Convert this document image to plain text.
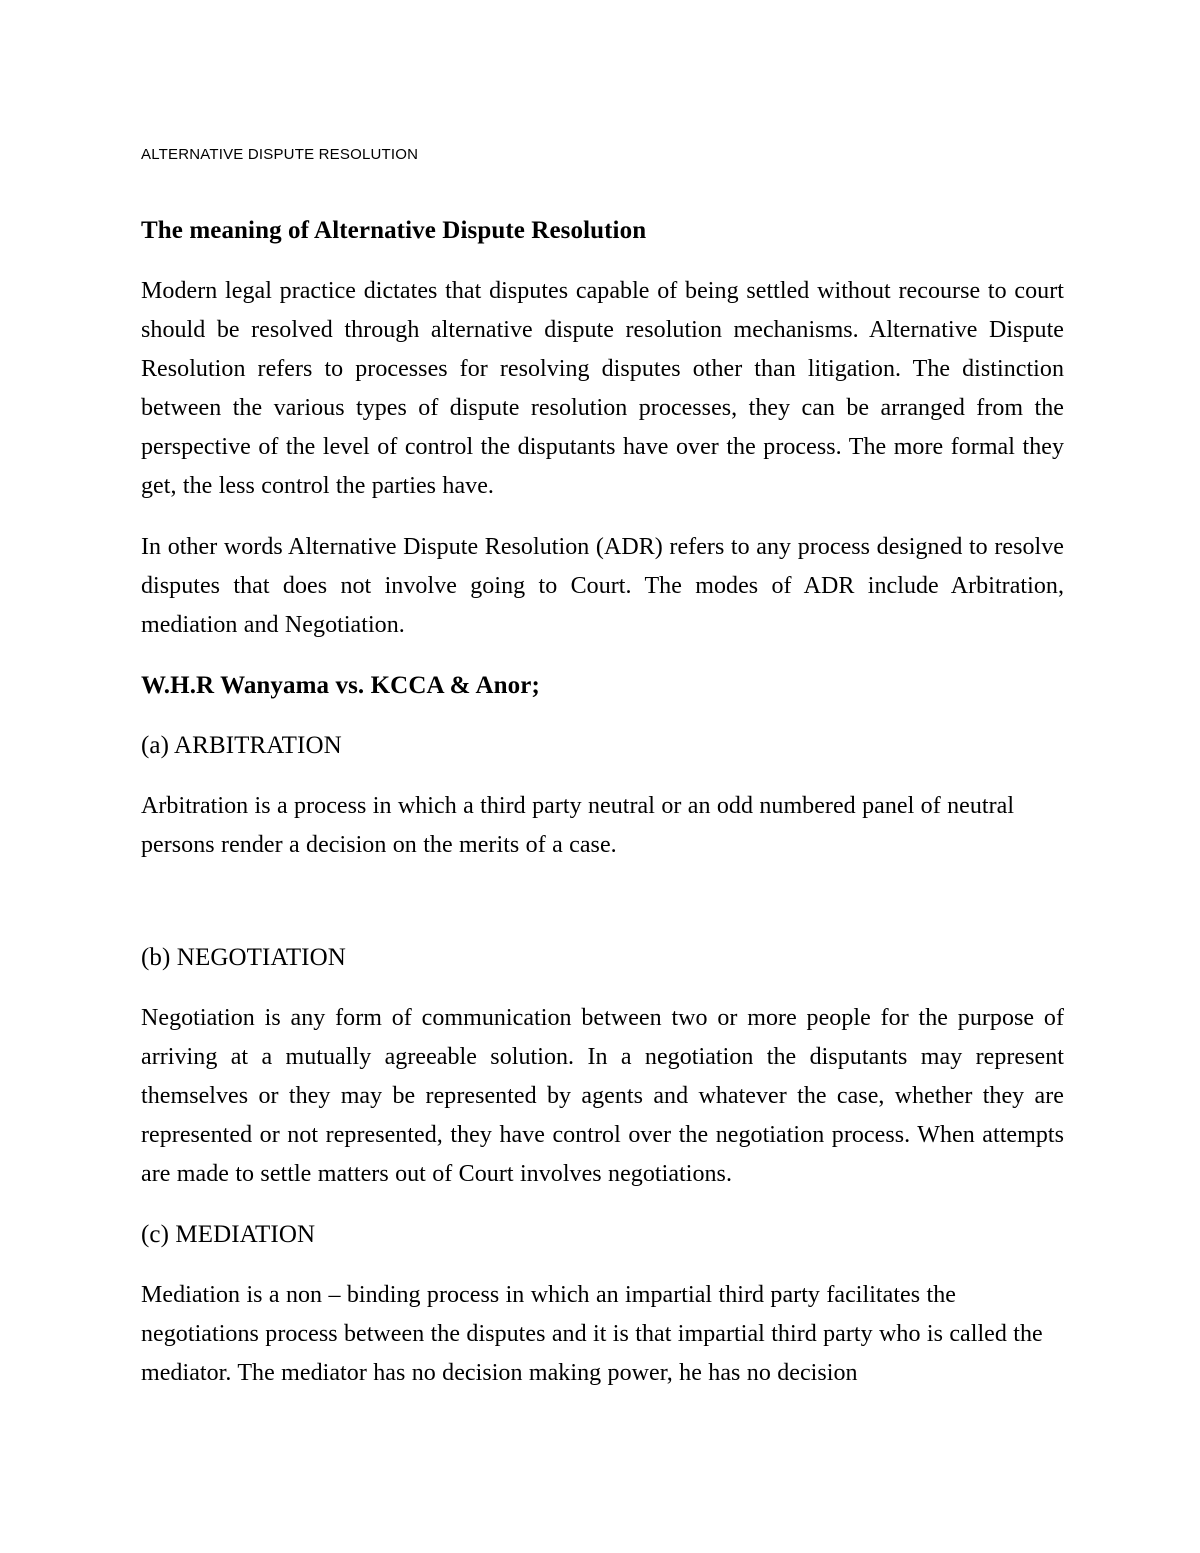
ALTERNATIVE DISPUTE RESOLUTION
The meaning of Alternative Dispute Resolution

Modern legal practice dictates that disputes capable of being settled without recourse to court should be resolved through alternative dispute resolution mechanisms. Alternative Dispute Resolution refers to processes for resolving disputes other than litigation. The distinction between the various types of dispute resolution processes, they can be arranged from the perspective of the level of control the disputants have over the process. The more formal they get, the less control the parties have.

In other words Alternative Dispute Resolution (ADR) refers to any process designed to resolve disputes that does not involve going to Court. The modes of ADR include Arbitration, mediation and Negotiation.

W.H.R Wanyama vs. KCCA & Anor;
(a) ARBITRATION

Arbitration is a process in which a third party neutral or an odd numbered panel of neutral persons render a decision on the merits of a case.

(b) NEGOTIATION

Negotiation is any form of communication between two or more people for the purpose of arriving at a mutually agreeable solution. In a negotiation the disputants may represent themselves or they may be represented by agents and whatever the case, whether they are represented or not represented, they have control over the negotiation process. When attempts are made to settle matters out of Court involves negotiations.

(c) MEDIATION

Mediation is a non – binding process in which an impartial third party facilitates the negotiations process between the disputes and it is that impartial third party who is called the mediator. The mediator has no decision making power, he has no decision
